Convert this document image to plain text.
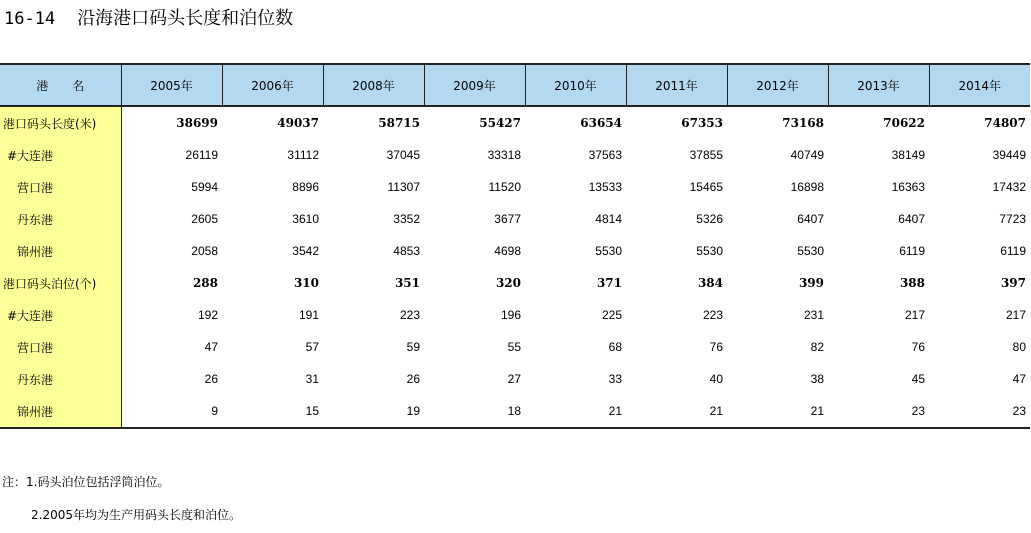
16-14 沿海港口码头长度和泊位数
港　　名	2005年	2006年	2008年	2009年	2010年	2011年	2012年	2013年	2014年
港口码头长度(米)	38699	49037	58715	55427	63654	67353	73168	70622	74807
#大连港	26119	31112	37045	33318	37563	37855	40749	38149	39449
营口港	5994	8896	11307	11520	13533	15465	16898	16363	17432
丹东港	2605	3610	3352	3677	4814	5326	6407	6407	7723
锦州港	2058	3542	4853	4698	5530	5530	5530	6119	6119
港口码头泊位(个)	288	310	351	320	371	384	399	388	397
#大连港	192	191	223	196	225	223	231	217	217
营口港	47	57	59	55	68	76	82	76	80
丹东港	26	31	26	27	33	40	38	45	47
锦州港	9	15	19	18	21	21	21	23	23
注：1.码头泊位包括浮筒泊位。
2.2005年均为生产用码头长度和泊位。
